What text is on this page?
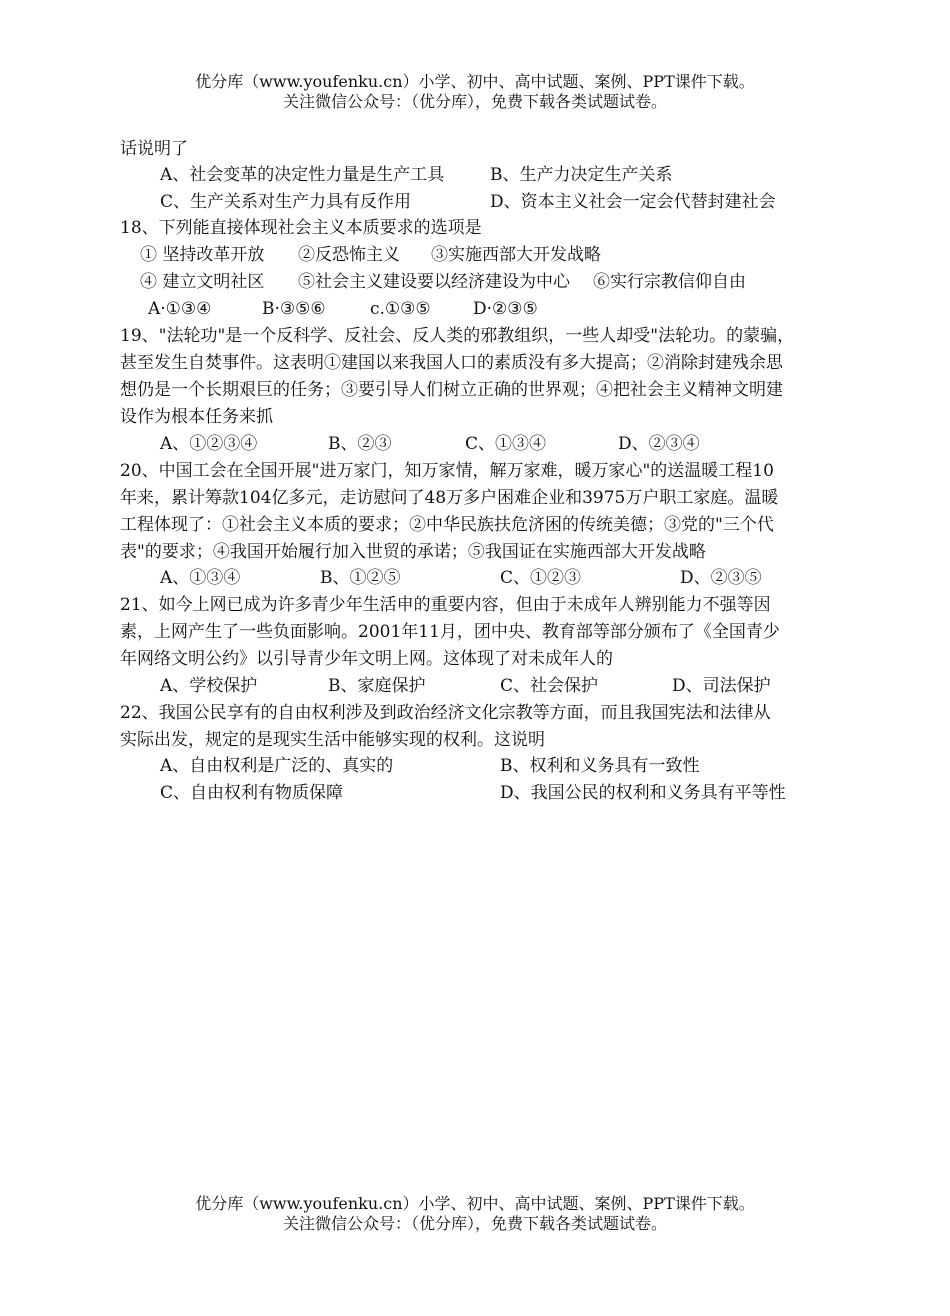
优分库（www.youfenku.cn）小学、初中、高中试题、案例、PPT课件下载。
关注微信公众号：（优分库），免费下载各类试题试卷。
话说明了
A、社会变革的决定性力量是生产工具	B、生产力决定生产关系
C、生产关系对生产力具有反作用	D、资本主义社会一定会代替封建社会
18、下列能直接体现社会主义本质要求的选项是
① 坚持改革开放 ②反恐怖主义 ③实施西部大开发战略
④ 建立文明社区 ⑤社会主义建设要以经济建设为中心 ⑥实行宗教信仰自由
A·①③④	B·③⑤⑥	c.①③⑤ D·②③⑤
19、"法轮功"是一个反科学、反社会、反人类的邪教组织，一些人却受"法轮功。的蒙骗，
甚至发生自焚事件。这表明①建国以来我国人口的素质没有多大提高；②消除封建残余思
想仍是一个长期艰巨的任务；③要引导人们树立正确的世界观；④把社会主义精神文明建
设作为根本任务来抓
A、①②③④	B、②③	C、①③④	D、②③④
20、中国工会在全国开展"进万家门，知万家情，解万家难，暖万家心"的送温暖工程10
年来，累计筹款104亿多元，走访慰问了48万多户困难企业和3975万户职工家庭。温暖
工程体现了：①社会主义本质的要求；②中华民族扶危济困的传统美德；③党的"三个代
表"的要求；④我国开始履行加入世贸的承诺；⑤我国证在实施西部大开发战略
A、①③④	B、①②⑤	C、①②③	D、②③⑤
21、如今上网已成为许多青少年生活申的重要内容，但由于未成年人辨别能力不强等因
素，上网产生了一些负面影响。2001年11月，团中央、教育部等部分颁布了《全国青少
年网络文明公约》以引导青少年文明上网。这体现了对未成年人的
A、学校保护	B、家庭保护	C、社会保护	D、司法保护
22、我国公民享有的自由权利涉及到政治经济文化宗教等方面，而且我国宪法和法律从
实际出发，规定的是现实生活中能够实现的权利。这说明
A、自由权利是广泛的、真实的	B、权利和义务具有一致性
C、自由权利有物质保障	D、我国公民的权利和义务具有平等性
优分库（www.youfenku.cn）小学、初中、高中试题、案例、PPT课件下载。
关注微信公众号：（优分库），免费下载各类试题试卷。
